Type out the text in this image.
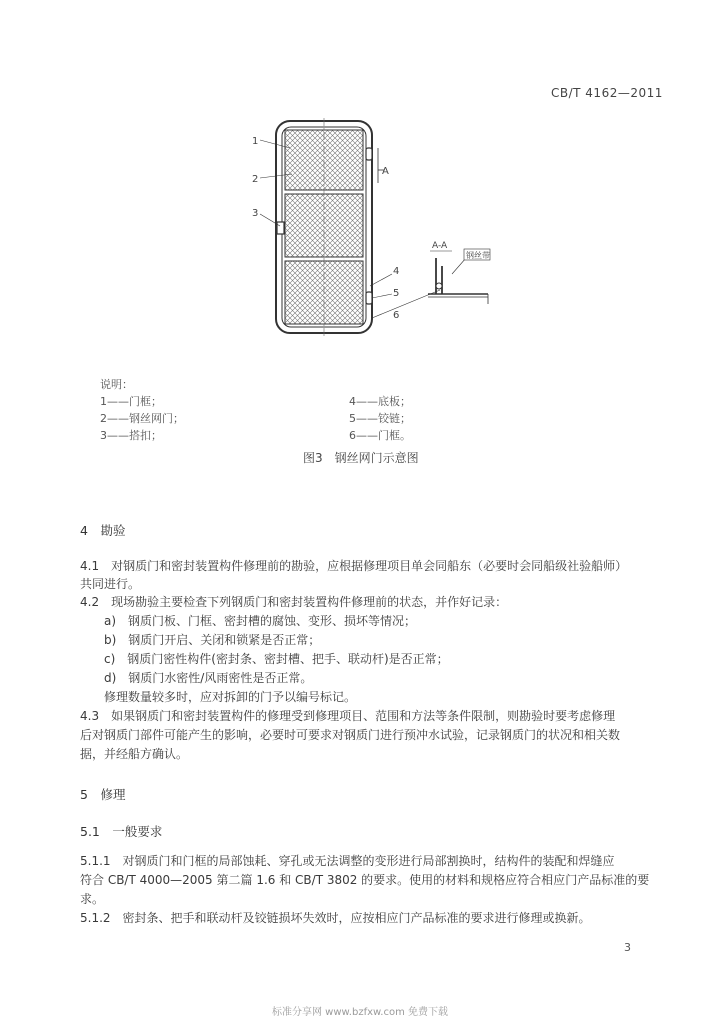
CB/T 4162—2011
1
2
3
4
5
6
A
A-A
钢丝带
说明：
1——门框；
2——钢丝网门；
3——搭扣；
4——底板；
5——铰链；
6——门框。
图3　钢丝网门示意图
4　勘验
4.1　对钢质门和密封装置构件修理前的勘验，应根据修理项目单会同船东（必要时会同船级社验船师）
共同进行。
4.2　现场勘验主要检查下列钢质门和密封装置构件修理前的状态，并作好记录：
a)　钢质门板、门框、密封槽的腐蚀、变形、损坏等情况；
b)　钢质门开启、关闭和锁紧是否正常；
c)　钢质门密性构件(密封条、密封槽、把手、联动杆)是否正常；
d)　钢质门水密性/风雨密性是否正常。
修理数量较多时，应对拆卸的门予以编号标记。
4.3　如果钢质门和密封装置构件的修理受到修理项目、范围和方法等条件限制，则勘验时要考虑修理
后对钢质门部件可能产生的影响，必要时可要求对钢质门进行预冲水试验，记录钢质门的状况和相关数
据，并经船方确认。
5　修理
5.1　一般要求
5.1.1　对钢质门和门框的局部蚀耗、穿孔或无法调整的变形进行局部割换时，结构件的装配和焊缝应
符合 CB/T 4000—2005 第二篇 1.6 和 CB/T 3802 的要求。使用的材料和规格应符合相应门产品标准的要
求。
5.1.2　密封条、把手和联动杆及铰链损坏失效时，应按相应门产品标准的要求进行修理或换新。
3
标准分享网 www.bzfxw.com 免费下载
